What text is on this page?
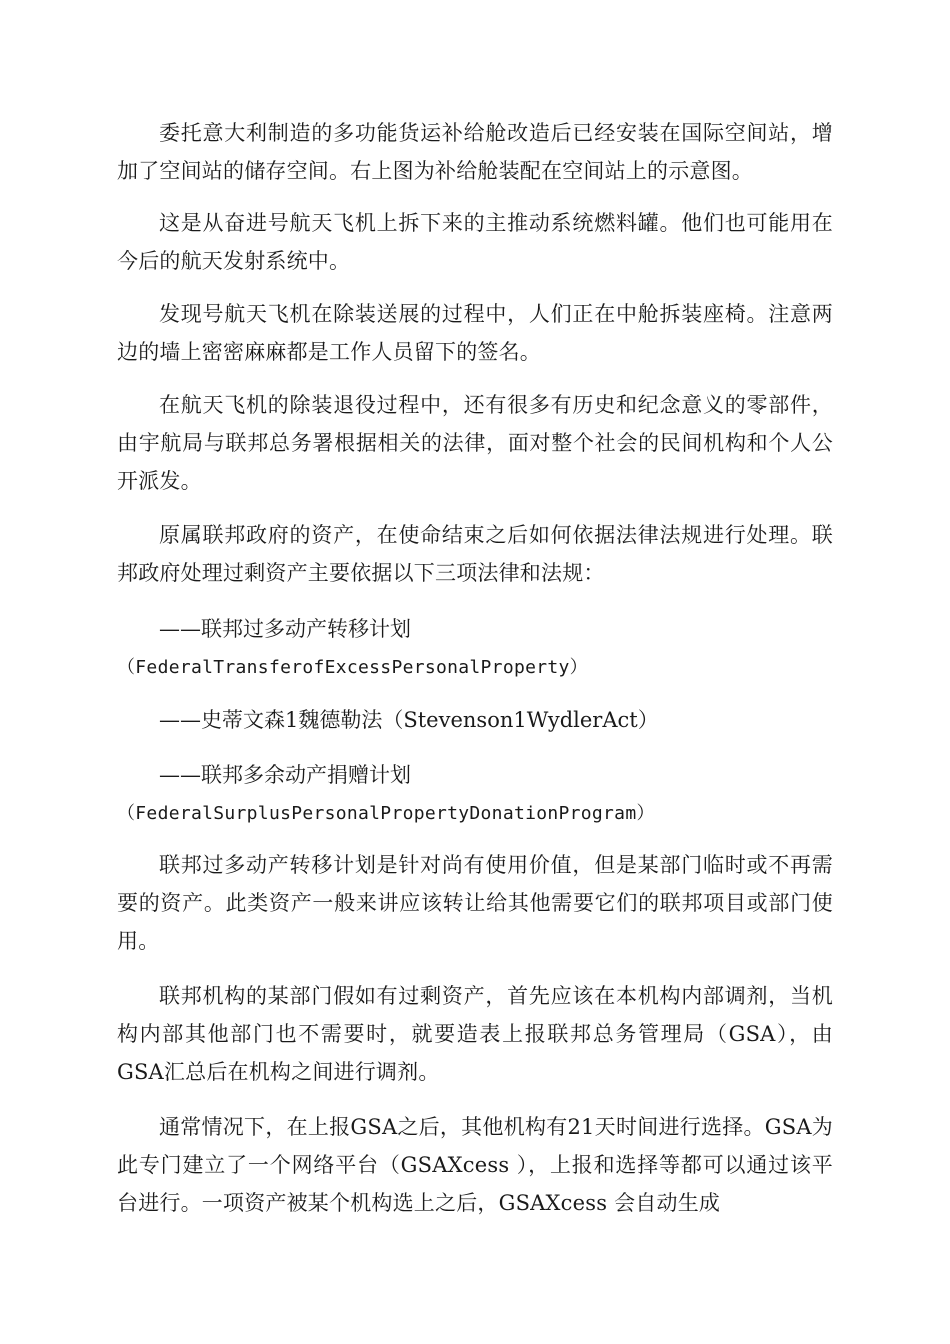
委托意大利制造的多功能货运补给舱改造后已经安装在国际空间站，增加了空间站的储存空间。右上图为补给舱装配在空间站上的示意图。

这是从奋进号航天飞机上拆下来的主推动系统燃料罐。他们也可能用在今后的航天发射系统中。

发现号航天飞机在除装送展的过程中，人们正在中舱拆装座椅。注意两边的墙上密密麻麻都是工作人员留下的签名。

在航天飞机的除装退役过程中，还有很多有历史和纪念意义的零部件，由宇航局与联邦总务署根据相关的法律，面对整个社会的民间机构和个人公开派发。

原属联邦政府的资产，在使命结束之后如何依据法律法规进行处理。联邦政府处理过剩资产主要依据以下三项法律和法规：

——联邦过多动产转移计划

（FederalTransferofExcessPersonalProperty）

——史蒂文森1魏德勒法（Stevenson1WydlerAct）

——联邦多余动产捐赠计划

（FederalSurplusPersonalPropertyDonationProgram）

联邦过多动产转移计划是针对尚有使用价值，但是某部门临时或不再需要的资产。此类资产一般来讲应该转让给其他需要它们的联邦项目或部门使用。

联邦机构的某部门假如有过剩资产，首先应该在本机构内部调剂，当机构内部其他部门也不需要时，就要造表上报联邦总务管理局（GSA），由GSA汇总后在机构之间进行调剂。

通常情况下，在上报GSA之后，其他机构有21天时间进行选择。GSA为此专门建立了一个网络平台（GSAXcess ），上报和选择等都可以通过该平台进行。一项资产被某个机构选上之后，GSAXcess 会自动生成
